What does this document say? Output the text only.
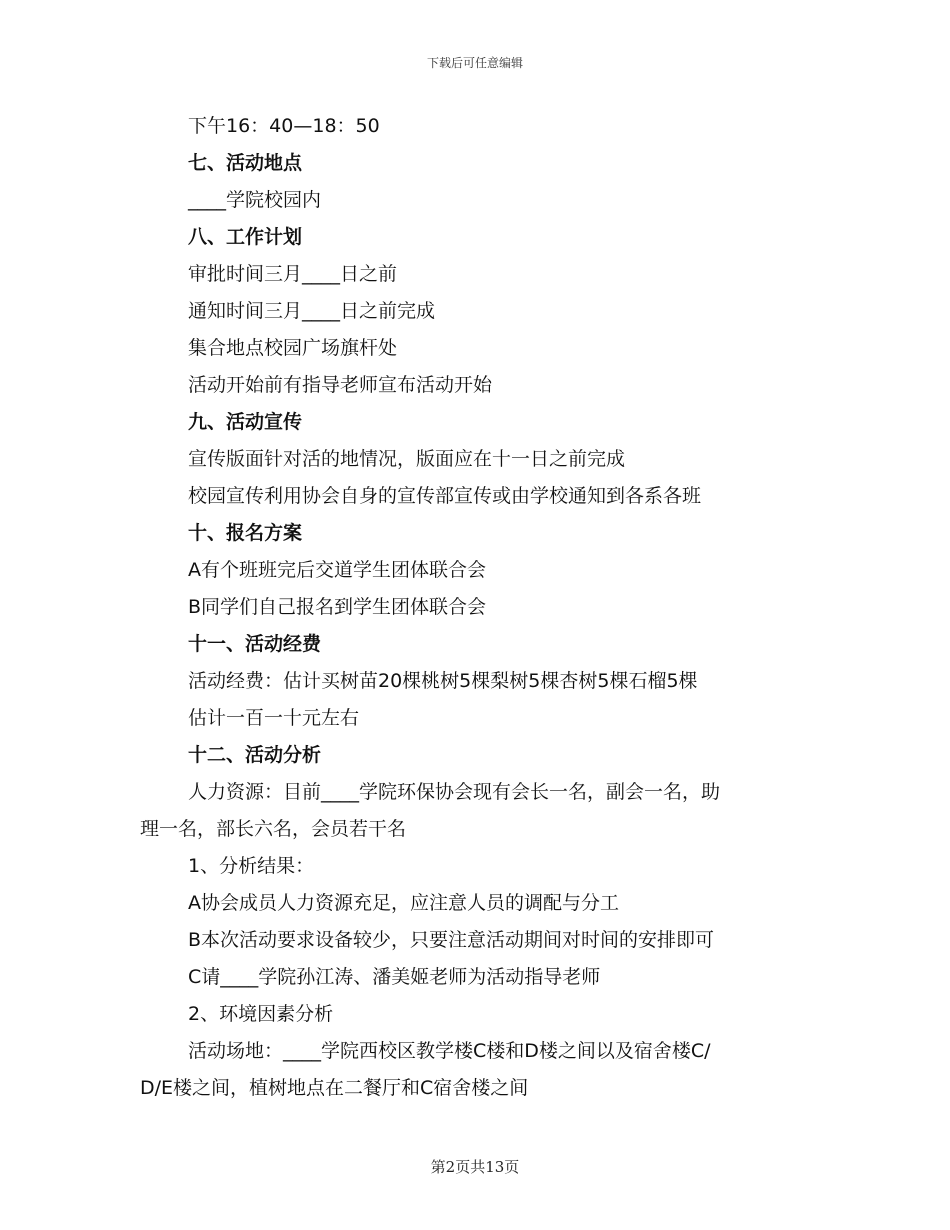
下载后可任意编辑
下午16：40—18：50
七、活动地点
____学院校园内
八、工作计划
审批时间三月____日之前
通知时间三月____日之前完成
集合地点校园广场旗杆处
活动开始前有指导老师宣布活动开始
九、活动宣传
宣传版面针对活的地情况，版面应在十一日之前完成
校园宣传利用协会自身的宣传部宣传或由学校通知到各系各班
十、报名方案
A有个班班完后交道学生团体联合会
B同学们自己报名到学生团体联合会
十一、活动经费
活动经费：估计买树苗20棵桃树5棵梨树5棵杏树5棵石榴5棵
估计一百一十元左右
十二、活动分析
人力资源：目前____学院环保协会现有会长一名，副会一名，助
理一名，部长六名，会员若干名
1、分析结果：
A协会成员人力资源充足，应注意人员的调配与分工
B本次活动要求设备较少，只要注意活动期间对时间的安排即可
C请____学院孙江涛、潘美姬老师为活动指导老师
2、环境因素分析
活动场地：____学院西校区教学楼C楼和D楼之间以及宿舍楼C/
D/E楼之间，植树地点在二餐厅和C宿舍楼之间
第2页共13页
